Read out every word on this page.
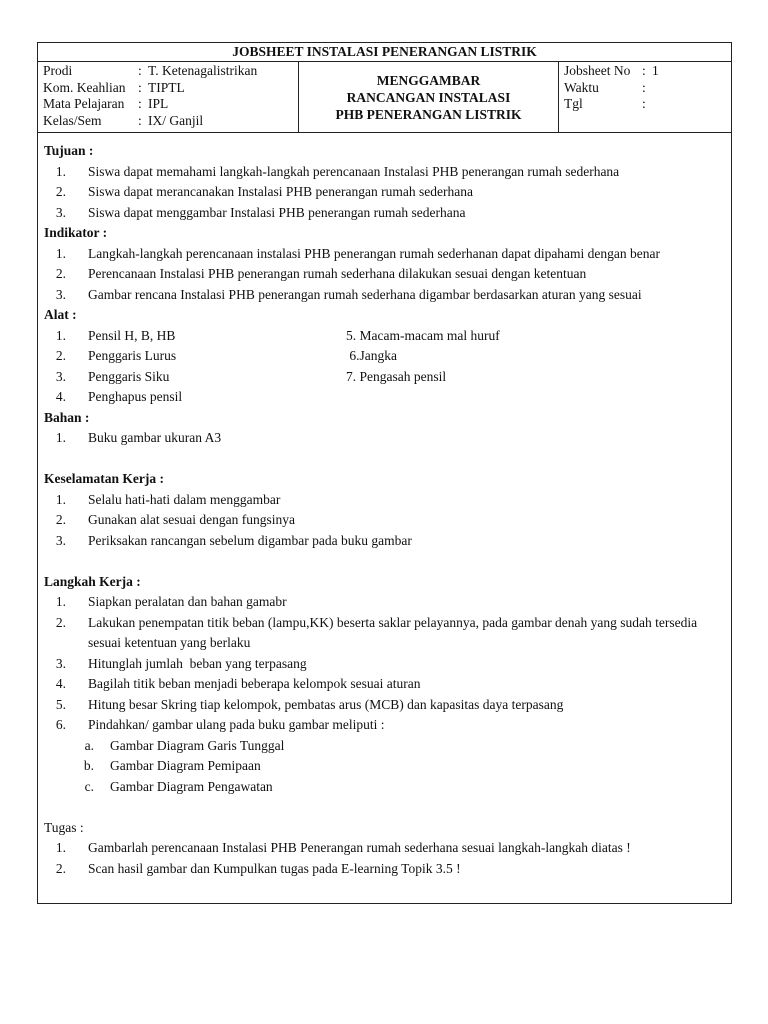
JOBSHEET INSTALASI PENERANGAN LISTRIK
Prodi	: T. Ketenagalistrikan
Kom. Keahlian : TIPTL
Mata Pelajaran	: IPL
Kelas/Sem	: IX/ Ganjil
MENGGAMBAR
RANCANGAN INSTALASI
PHB PENERANGAN LISTRIK
Jobsheet No : 1
Waktu	:
Tgl	:
Tujuan :
1. Siswa dapat memahami langkah-langkah perencanaan Instalasi PHB penerangan rumah sederhana
2. Siswa dapat merancanakan Instalasi PHB penerangan rumah sederhana
3. Siswa dapat menggambar Instalasi PHB penerangan rumah sederhana
Indikator :
1. Langkah-langkah perencanaan instalasi PHB penerangan rumah sederhanan dapat dipahami dengan benar
2. Perencanaan Instalasi PHB penerangan rumah sederhana dilakukan sesuai dengan ketentuan
3. Gambar rencana Instalasi PHB penerangan rumah sederhana digambar berdasarkan aturan yang sesuai
Alat :
1. Pensil H, B, HB	5. Macam-macam mal huruf
2. Penggaris Lurus	6.Jangka
3. Penggaris Siku	7. Pengasah pensil
4. Penghapus pensil
Bahan :
1. Buku gambar ukuran A3
Keselamatan Kerja :
1. Selalu hati-hati dalam menggambar
2. Gunakan alat sesuai dengan fungsinya
3. Periksakan rancangan sebelum digambar pada buku gambar
Langkah Kerja :
1. Siapkan peralatan dan bahan gamabr
2. Lakukan penempatan titik beban (lampu,KK) beserta saklar pelayannya, pada gambar denah yang sudah tersedia sesuai ketentuan yang berlaku
3. Hitunglah jumlah  beban yang terpasang
4. Bagilah titik beban menjadi beberapa kelompok sesuai aturan
5. Hitung besar Skring tiap kelompok, pembatas arus (MCB) dan kapasitas daya terpasang
6. Pindahkan/ gambar ulang pada buku gambar meliputi :
a. Gambar Diagram Garis Tunggal
b. Gambar Diagram Pemipaan
c. Gambar Diagram Pengawatan
Tugas :
1. Gambarlah perencanaan Instalasi PHB Penerangan rumah sederhana sesuai langkah-langkah diatas !
2. Scan hasil gambar dan Kumpulkan tugas pada E-learning Topik 3.5 !
